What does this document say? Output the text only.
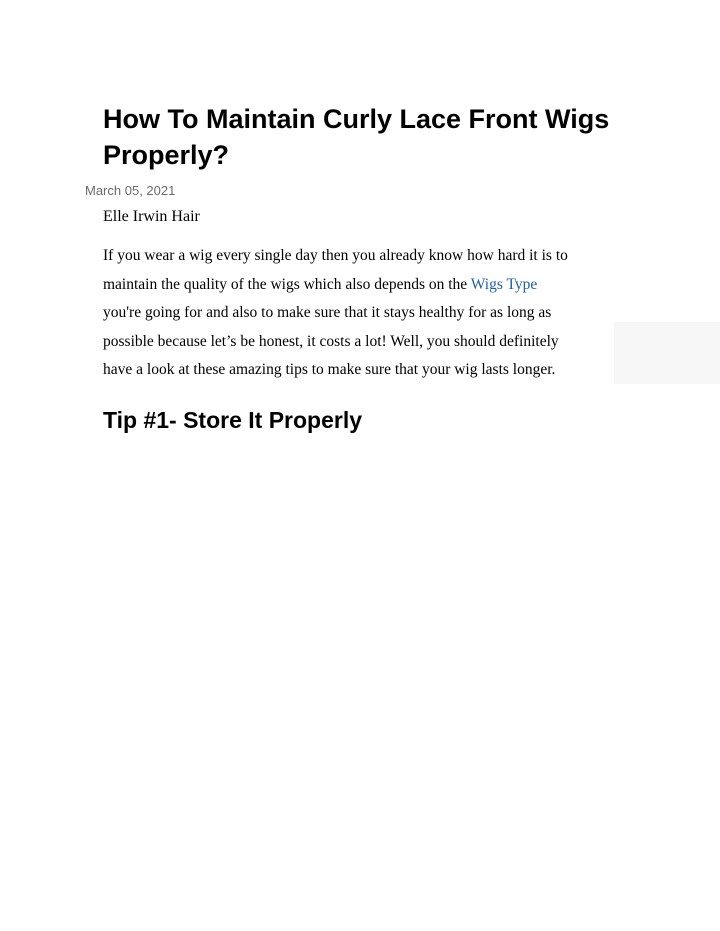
How To Maintain Curly Lace Front Wigs Properly?

March 05, 2021

Elle Irwin Hair

If you wear a wig every single day then you already know how hard it is to
maintain the quality of the wigs which also depends on the Wigs Type
you're going for and also to make sure that it stays healthy for as long as
possible because let’s be honest, it costs a lot! Well, you should definitely
have a look at these amazing tips to make sure that your wig lasts longer.

Tip #1- Store It Properly
